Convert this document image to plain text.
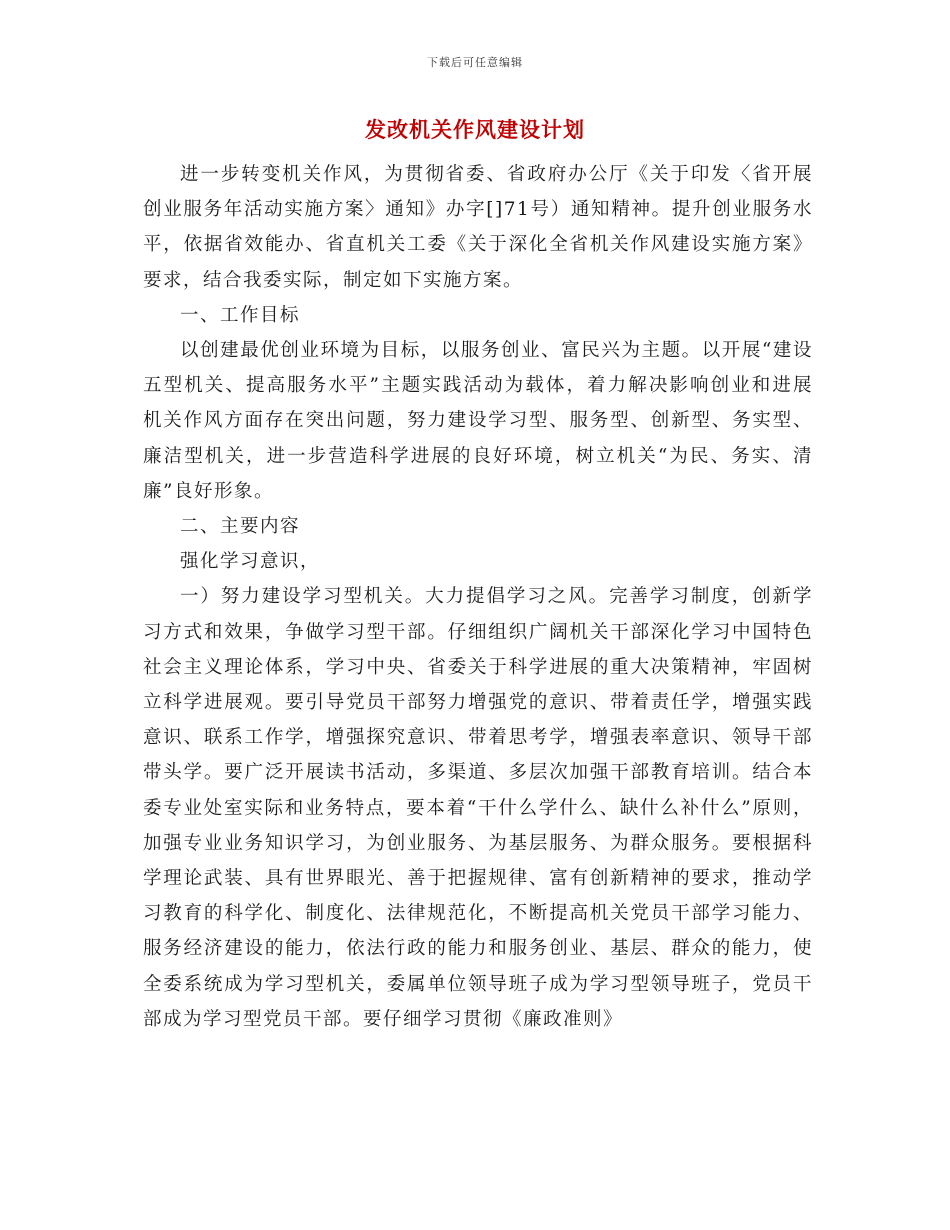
下载后可任意编辑
发改机关作风建设计划

进一步转变机关作风，为贯彻省委、省政府办公厅《关于印发〈省开展创业服务年活动实施方案〉通知》办字[]71号）通知精神。提升创业服务水平，依据省效能办、省直机关工委《关于深化全省机关作风建设实施方案》要求，结合我委实际，制定如下实施方案。

一、工作目标

以创建最优创业环境为目标，以服务创业、富民兴为主题。以开展“建设五型机关、提高服务水平”主题实践活动为载体，着力解决影响创业和进展机关作风方面存在突出问题，努力建设学习型、服务型、创新型、务实型、廉洁型机关，进一步营造科学进展的良好环境，树立机关“为民、务实、清廉”良好形象。

二、主要内容

强化学习意识，

一）努力建设学习型机关。大力提倡学习之风。完善学习制度，创新学习方式和效果，争做学习型干部。仔细组织广阔机关干部深化学习中国特色社会主义理论体系，学习中央、省委关于科学进展的重大决策精神，牢固树立科学进展观。要引导党员干部努力增强党的意识、带着责任学，增强实践意识、联系工作学，增强探究意识、带着思考学，增强表率意识、领导干部带头学。要广泛开展读书活动，多渠道、多层次加强干部教育培训。结合本委专业处室实际和业务特点，要本着“干什么学什么、缺什么补什么”原则，加强专业业务知识学习，为创业服务、为基层服务、为群众服务。要根据科学理论武装、具有世界眼光、善于把握规律、富有创新精神的要求，推动学习教育的科学化、制度化、法律规范化，不断提高机关党员干部学习能力、服务经济建设的能力，依法行政的能力和服务创业、基层、群众的能力，使全委系统成为学习型机关，委属单位领导班子成为学习型领导班子，党员干部成为学习型党员干部。要仔细学习贯彻《廉政准则》
